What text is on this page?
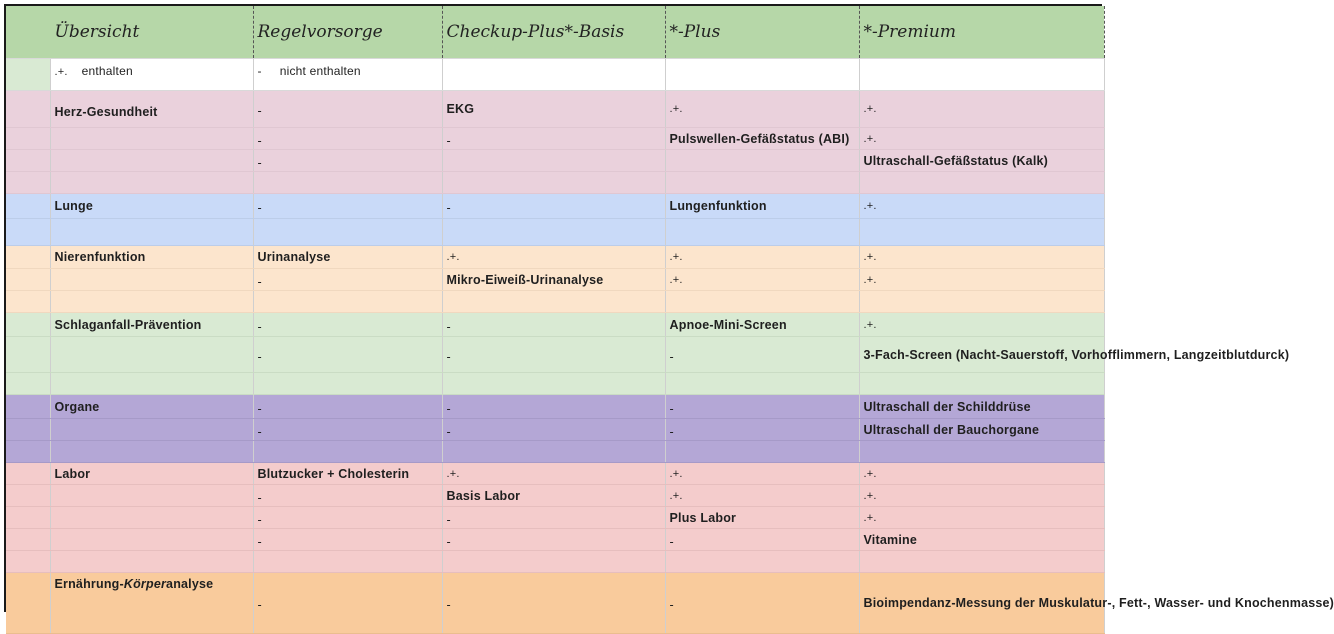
	Übersicht	Regelvorsorge	Checkup-Plus*-Basis	*-Plus	*-Premium
	.+. enthalten	- nicht enthalten			
	Herz-Gesundheit	-	EKG	.+.	.+.
		-	-	Pulswellen-Gefäßstatus (ABI)	.+.
		-			Ultraschall-Gefäßstatus (Kalk)

	Lunge	-	-	Lungenfunktion	.+.

	Nierenfunktion	Urinanalyse	.+.	.+.	.+.
		-	Mikro-Eiweiß-Urinanalyse	.+.	.+.

	Schlaganfall-Prävention	-	-	Apnoe-Mini-Screen	.+.
		-	-	-	3-Fach-Screen (Nacht-Sauerstoff, Vorhofflimmern, Langzeitblutdurck)

	Organe	-	-	-	Ultraschall der Schilddrüse
		-	-	-	Ultraschall der Bauchorgane

	Labor	Blutzucker + Cholesterin	.+.	.+.	.+.
		-	Basis Labor	.+.	.+.
		-	-	Plus Labor	.+.
		-	-	-	Vitamine

	Ernährung-Körperanalyse	-	-	-	Bioimpendanz-Messung der Muskulatur-, Fett-, Wasser- und Knochenmasse)
